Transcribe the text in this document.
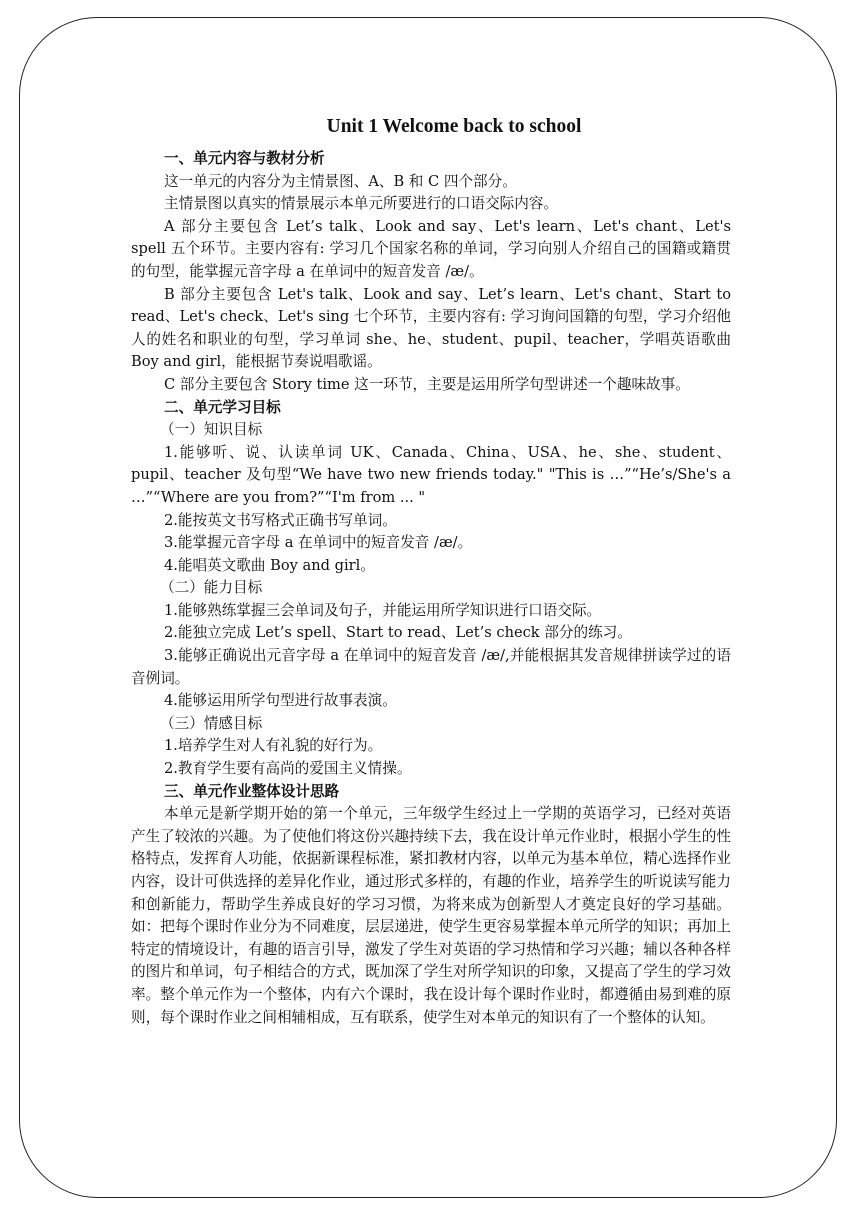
Unit 1 Welcome back to school

一、单元内容与教材分析

这一单元的内容分为主情景图、A、B 和 C 四个部分。

主情景图以真实的情景展示本单元所要进行的口语交际内容。

A 部分主要包含 Let’s talk、Look and say、Let's learn、Let's chant、Let's spell 五个环节。主要内容有: 学习几个国家名称的单词，学习向别人介绍自己的国籍或籍贯的句型，能掌握元音字母 a 在单词中的短音发音 /æ/。

B 部分主要包含 Let's talk、Look and say、Let’s learn、Let's chant、Start to read、Let's check、Let's sing 七个环节，主要内容有: 学习询问国籍的句型，学习介绍他人的姓名和职业的句型，学习单词 she、he、student、pupil、teacher，学唱英语歌曲 Boy and girl，能根据节奏说唱歌谣。

C 部分主要包含 Story time 这一环节，主要是运用所学句型讲述一个趣味故事。

二、单元学习目标

（一）知识目标

1.能够听、说、认读单词 UK、Canada、China、USA、he、she、student、pupil、teacher 及句型“We have two new friends today." "This is …”“He’s/She's a …”“Where are you from?”“I'm from ... "

2.能按英文书写格式正确书写单词。

3.能掌握元音字母 a 在单词中的短音发音 /æ/。

4.能唱英文歌曲 Boy and girl。

（二）能力目标

1.能够熟练掌握三会单词及句子，并能运用所学知识进行口语交际。

2.能独立完成 Let’s spell、Start to read、Let’s check 部分的练习。

3.能够正确说出元音字母 a 在单词中的短音发音 /æ/,并能根据其发音规律拼读学过的语音例词。

4.能够运用所学句型进行故事表演。

（三）情感目标

1.培养学生对人有礼貌的好行为。

2.教育学生要有高尚的爱国主义情操。

三、单元作业整体设计思路

本单元是新学期开始的第一个单元，三年级学生经过上一学期的英语学习，已经对英语产生了较浓的兴趣。为了使他们将这份兴趣持续下去，我在设计单元作业时，根据小学生的性格特点，发挥育人功能，依据新课程标准，紧扣教材内容，以单元为基本单位，精心选择作业内容，设计可供选择的差异化作业，通过形式多样的，有趣的作业，培养学生的听说读写能力和创新能力，帮助学生养成良好的学习习惯，为将来成为创新型人才奠定良好的学习基础。如：把每个课时作业分为不同难度，层层递进，使学生更容易掌握本单元所学的知识；再加上特定的情境设计，有趣的语言引导，激发了学生对英语的学习热情和学习兴趣；辅以各种各样的图片和单词，句子相结合的方式，既加深了学生对所学知识的印象，又提高了学生的学习效率。整个单元作为一个整体，内有六个课时，我在设计每个课时作业时，都遵循由易到难的原则，每个课时作业之间相辅相成，互有联系，使学生对本单元的知识有了一个整体的认知。
